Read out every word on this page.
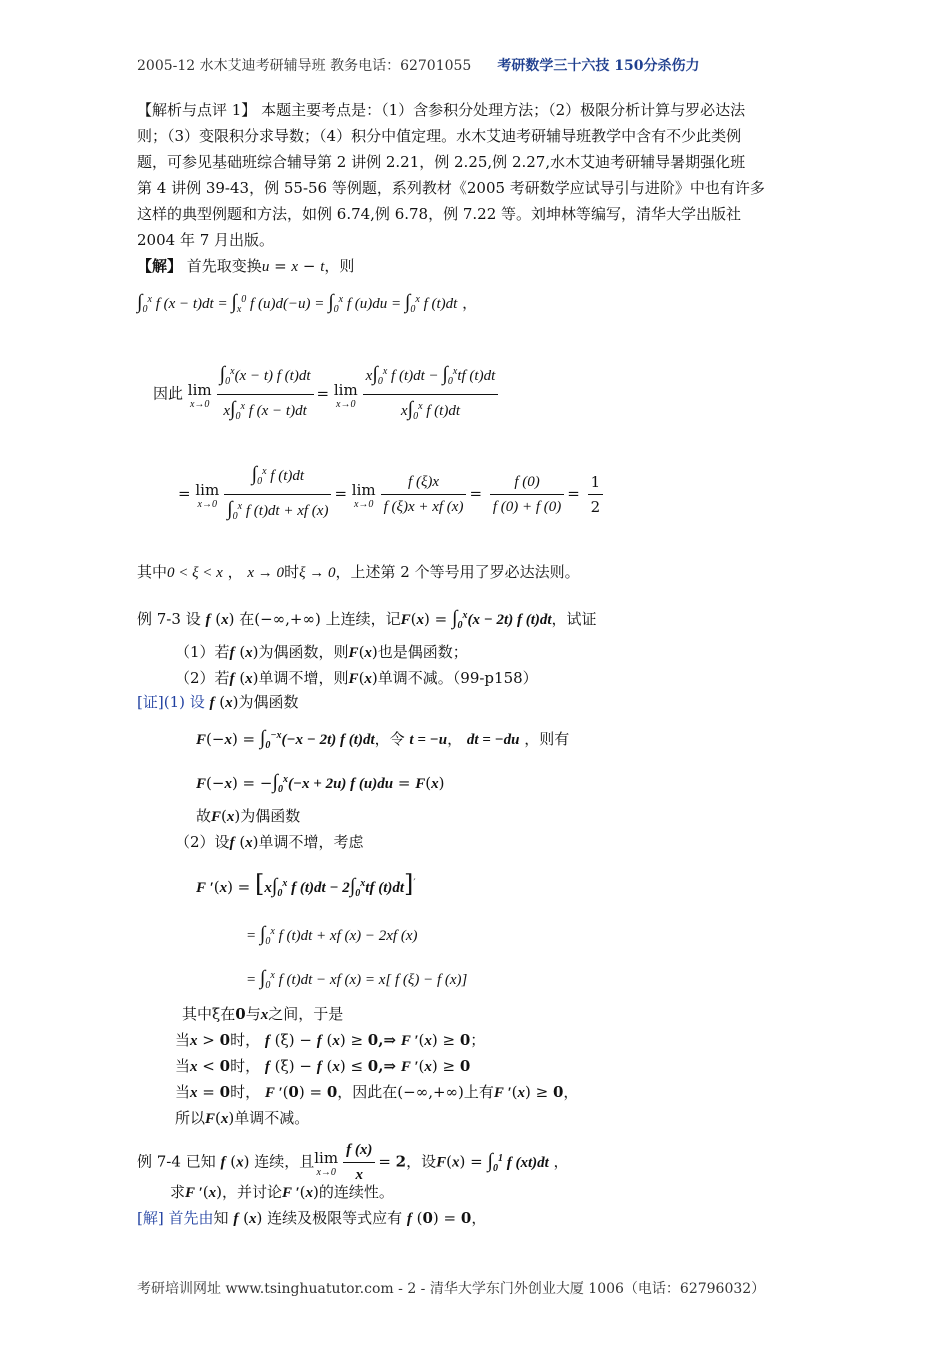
2005-12 水木艾迪考研辅导班 教务电话：62701055 考研数学三十六技 150分杀伤力
【解析与点评 1】 本题主要考点是：（1）含参积分处理方法；（2）极限分析计算与罗必达法
则；（3）变限积分求导数；（4）积分中值定理。水木艾迪考研辅导班教学中含有不少此类例
题，可参见基础班综合辅导第 2 讲例 2.21，例 2.25,例 2.27,水木艾迪考研辅导暑期强化班
第 4 讲例 39-43，例 55-56 等例题，系列教材《2005 考研数学应试导引与进阶》中也有许多
这样的典型例题和方法，如例 6.74,例 6.78，例 7.22 等。刘坤林等编写，清华大学出版社
2004 年 7 月出版。
【解】 首先取变换u = x − t，则
$\int_0^x$ f $(x - t)dt = \int_x^0$ f $(u)d(-u) = \int_0^x$ f $(u)du = \int_0^x$ f (t)dt ，
因此 lim
$x\to 0 \frac{\int_0^x(x - t) f (t)dt}{x\int_0^x f (x - t)dt} = \lim$
$x\to 0 \frac{x\int_0^x f (t)dt - \int_0^xtf (t)dt}{x\int_0^x f (t)dt}$
= lim
$x\to 0 \frac{\int_0^x f (t)dt}{\int_0^x f (t)dt + xf (x)} = \lim$
$x\to 0 \frac{f (\xi)x}{f (\xi)x + xf (x)} = \frac{f (0)}{f (0) + f (0)} = \frac{1}{2}$
其中0 < ξ < x ， x → 0时ξ → 0，上述第 2 个等号用了罗必达法则。
例 7-3 设 f (x) 在(−∞,+∞) 上连续，记$F(x) = \int_0^x(x - 2t)$ f (t)dt，试证
（1）若f (x)为偶函数，则F(x)也是偶函数；
（2）若f (x)单调不增，则F(x)单调不减。（99-p158）
[证](1) 设 f (x)为偶函数
$F(-x) = \int_0^{-x}(-x - 2t)$ f (t)dt，令 t = −u， dt = −du ，则有
$F(-x) = -\int_0^x(-x + 2u)$ f (u)du = F(x)
故F(x)为偶函数
（2）设f (x)单调不增，考虑
F $'(x) = [x\int_0^x$ f $(t)dt - 2\int_0^xtf$ (t)dt]′
= $\int_0^x$ f (t)dt + xf (x) − 2xf (x)
= $\int_0^x$ f (t)dt − xf (x) = x[ f (ξ) − f (x)]
其中ξ在0与x之间，于是
当x > 0时， f (ξ) − f (x) ≥ 0,⇒ F ′(x) ≥ 0；
当x < 0时， f (ξ) − f (x) ≤ 0,⇒ F ′(x) ≥ 0
当x = 0时， F ′(0) = 0，因此在(−∞,+∞)上有F ′(x) ≥ 0，
所以F(x)单调不减。
例 7-4 已知 f (x) 连续，且lim
$x\to 0 \frac{f (x)}{x} = 2$，设$F(x) = \int_0^1$ f (xt)dt ，
求F ′(x)，并讨论F ′(x)的连续性。
[解] 首先由知 f (x) 连续及极限等式应有 f (0) = 0，
考研培训网址 www.tsinghuatutor.com - 2 - 清华大学东门外创业大厦 1006（电话：62796032）
